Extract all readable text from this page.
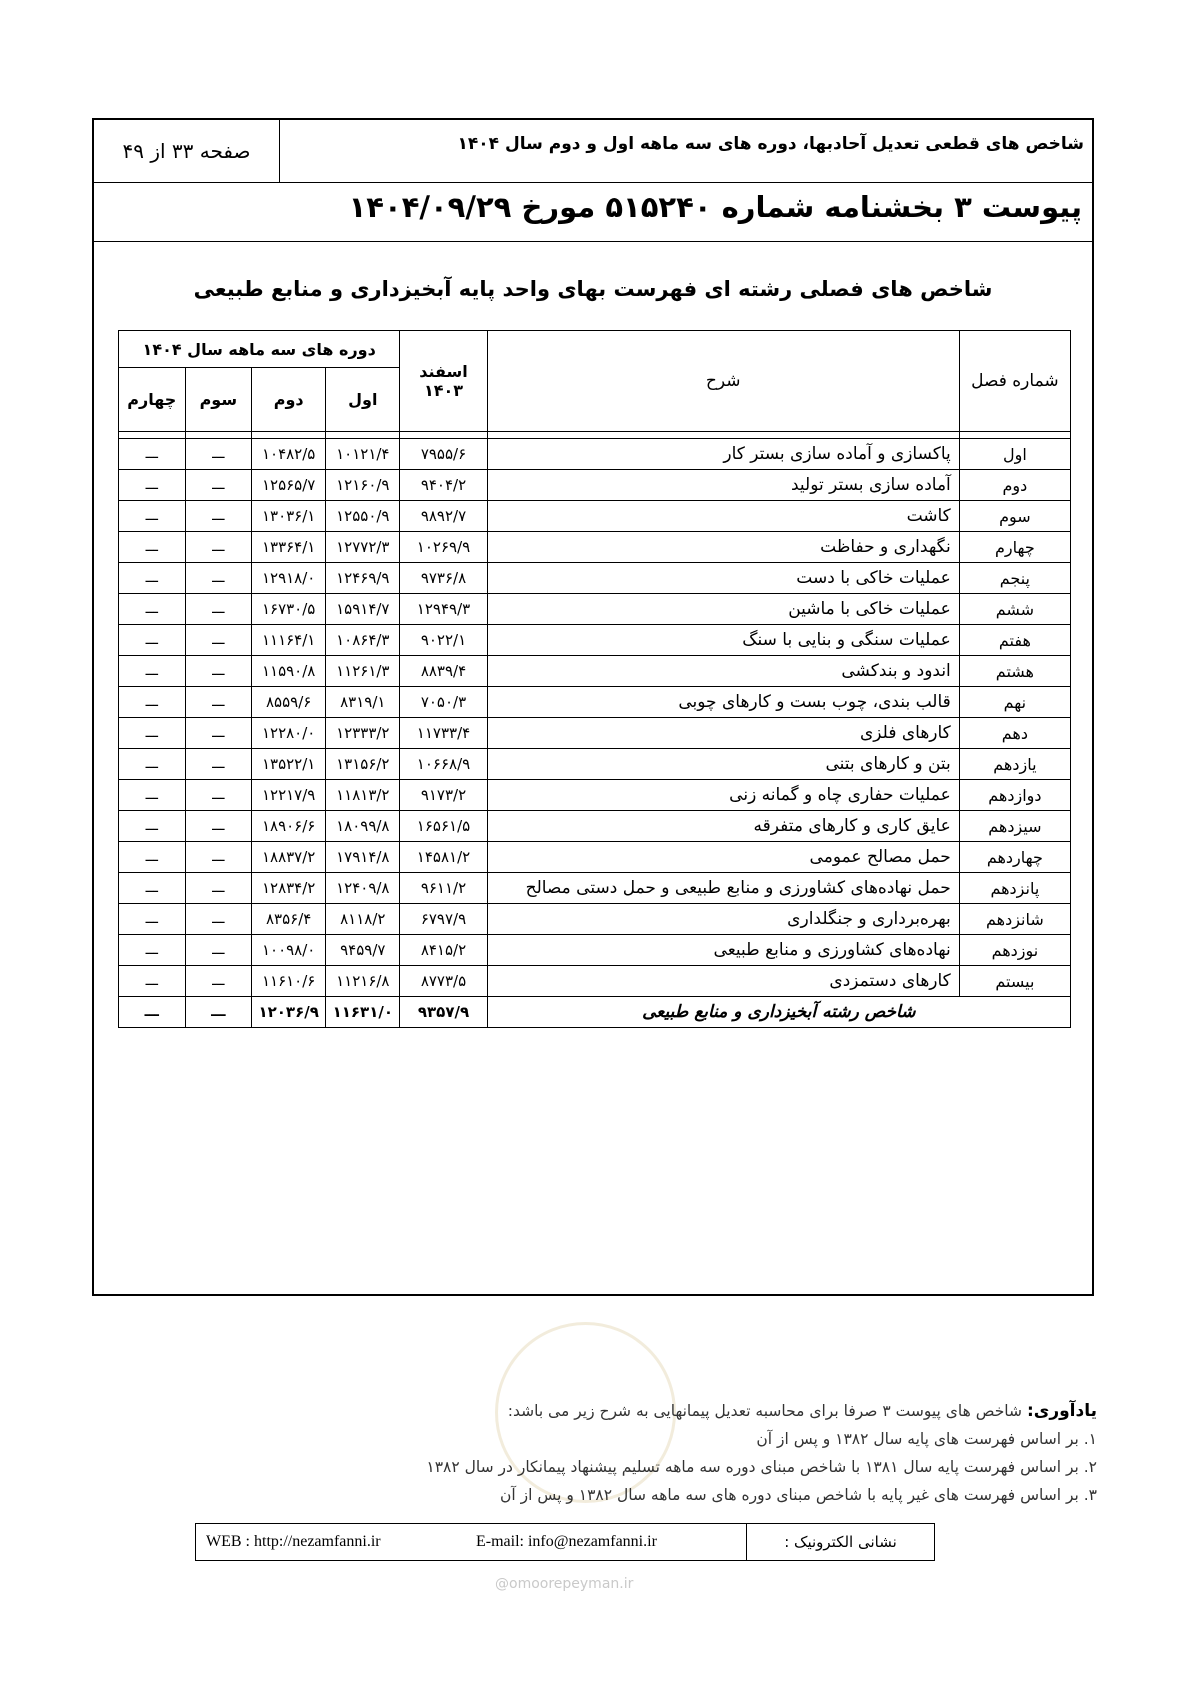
صفحه ۳۳ از ۴۹	شاخص های قطعی تعدیل آحادبها، دوره های سه ماهه اول و دوم سال ۱۴۰۴
پیوست ۳ بخشنامه شماره ۵۱۵۲۴۰ مورخ ۱۴۰۴/۰۹/۲۹
شاخص های فصلی رشته ای فهرست بهای واحد پایه آبخیزداری و منابع طبیعی
شماره فصل	شرح	اسفند
۱۴۰۳	دوره های سه ماهه سال ۱۴۰۴			
			اول	دوم	سوم	چهارم

اول	پاکسازی و آماده سازی بستر کار	۷۹۵۵/۶	۱۰۱۲۱/۴	۱۰۴۸۲/۵	ـــ	ـــ
دوم	آماده سازی بستر تولید	۹۴۰۴/۲	۱۲۱۶۰/۹	۱۲۵۶۵/۷	ـــ	ـــ
سوم	کاشت	۹۸۹۲/۷	۱۲۵۵۰/۹	۱۳۰۳۶/۱	ـــ	ـــ
چهارم	نگهداری و حفاظت	۱۰۲۶۹/۹	۱۲۷۷۲/۳	۱۳۳۶۴/۱	ـــ	ـــ
پنجم	عملیات خاکی با دست	۹۷۳۶/۸	۱۲۴۶۹/۹	۱۲۹۱۸/۰	ـــ	ـــ
ششم	عملیات خاکی با ماشین	۱۲۹۴۹/۳	۱۵۹۱۴/۷	۱۶۷۳۰/۵	ـــ	ـــ
هفتم	عملیات سنگی و بنایی با سنگ	۹۰۲۲/۱	۱۰۸۶۴/۳	۱۱۱۶۴/۱	ـــ	ـــ
هشتم	اندود و بندکشی	۸۸۳۹/۴	۱۱۲۶۱/۳	۱۱۵۹۰/۸	ـــ	ـــ
نهم	قالب بندی، چوب بست و کارهای چوبی	۷۰۵۰/۳	۸۳۱۹/۱	۸۵۵۹/۶	ـــ	ـــ
دهم	کارهای فلزی	۱۱۷۳۳/۴	۱۲۳۳۳/۲	۱۲۲۸۰/۰	ـــ	ـــ
یازدهم	بتن و کارهای بتنی	۱۰۶۶۸/۹	۱۳۱۵۶/۲	۱۳۵۲۲/۱	ـــ	ـــ
دوازدهم	عملیات حفاری چاه و گمانه زنی	۹۱۷۳/۲	۱۱۸۱۳/۲	۱۲۲۱۷/۹	ـــ	ـــ
سیزدهم	عایق کاری و کارهای متفرقه	۱۶۵۶۱/۵	۱۸۰۹۹/۸	۱۸۹۰۶/۶	ـــ	ـــ
چهاردهم	حمل مصالح عمومی	۱۴۵۸۱/۲	۱۷۹۱۴/۸	۱۸۸۳۷/۲	ـــ	ـــ
پانزدهم	حمل نهاده‌های کشاورزی و منابع طبیعی و حمل دستی مصالح	۹۶۱۱/۲	۱۲۴۰۹/۸	۱۲۸۳۴/۲	ـــ	ـــ
شانزدهم	بهره‌برداری و جنگلداری	۶۷۹۷/۹	۸۱۱۸/۲	۸۳۵۶/۴	ـــ	ـــ
نوزدهم	نهاده‌های کشاورزی و منابع طبیعی	۸۴۱۵/۲	۹۴۵۹/۷	۱۰۰۹۸/۰	ـــ	ـــ
بیستم	کارهای دستمزدی	۸۷۷۳/۵	۱۱۲۱۶/۸	۱۱۶۱۰/۶	ـــ	ـــ
شاخص رشته آبخیزداری و منابع طبیعی		۹۳۵۷/۹	۱۱۶۳۱/۰	۱۲۰۳۶/۹	ـــ	ـــ
یادآوری: شاخص های پیوست ۳ صرفا برای محاسبه تعدیل پیمانهایی به شرح زیر می باشد:
۱. بر اساس فهرست های پایه سال ۱۳۸۲ و پس از آن
۲. بر اساس فهرست پایه سال ۱۳۸۱ با شاخص مبنای دوره سه ماهه تسلیم پیشنهاد پیمانکار در سال ۱۳۸۲
۳. بر اساس فهرست های غیر پایه با شاخص مبنای دوره های سه ماهه سال ۱۳۸۲ و پس از آن
WEB : http://nezamfanni.ir	E-mail: info@nezamfanni.ir	نشانی الکترونیک :
@omoorepeyman.ir
